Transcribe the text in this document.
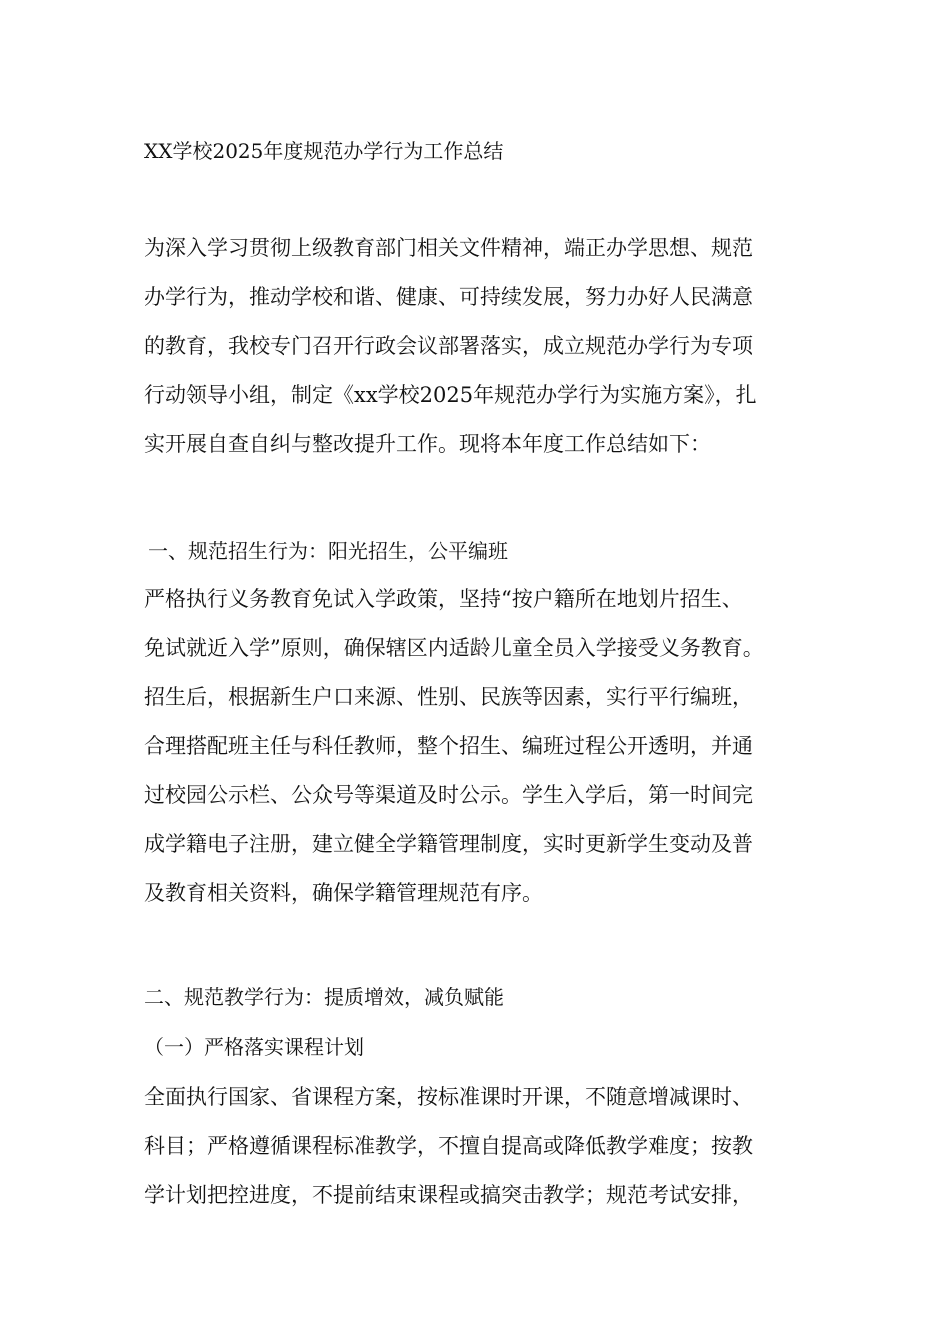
XX学校2025年度规范办学行为工作总结
为深入学习贯彻上级教育部门相关文件精神，端正办学思想、规范
办学行为，推动学校和谐、健康、可持续发展，努力办好人民满意
的教育，我校专门召开行政会议部署落实，成立规范办学行为专项
行动领导小组，制定《xx学校2025年规范办学行为实施方案》，扎
实开展自查自纠与整改提升工作。现将本年度工作总结如下：
一、规范招生行为：阳光招生，公平编班
严格执行义务教育免试入学政策，坚持“按户籍所在地划片招生、
免试就近入学”原则，确保辖区内适龄儿童全员入学接受义务教育。
招生后，根据新生户口来源、性别、民族等因素，实行平行编班，
合理搭配班主任与科任教师，整个招生、编班过程公开透明，并通
过校园公示栏、公众号等渠道及时公示。学生入学后，第一时间完
成学籍电子注册，建立健全学籍管理制度，实时更新学生变动及普
及教育相关资料，确保学籍管理规范有序。
二、规范教学行为：提质增效，减负赋能
（一）严格落实课程计划
全面执行国家、省课程方案，按标准课时开课，不随意增减课时、
科目；严格遵循课程标准教学，不擅自提高或降低教学难度；按教
学计划把控进度，不提前结束课程或搞突击教学；规范考试安排，
